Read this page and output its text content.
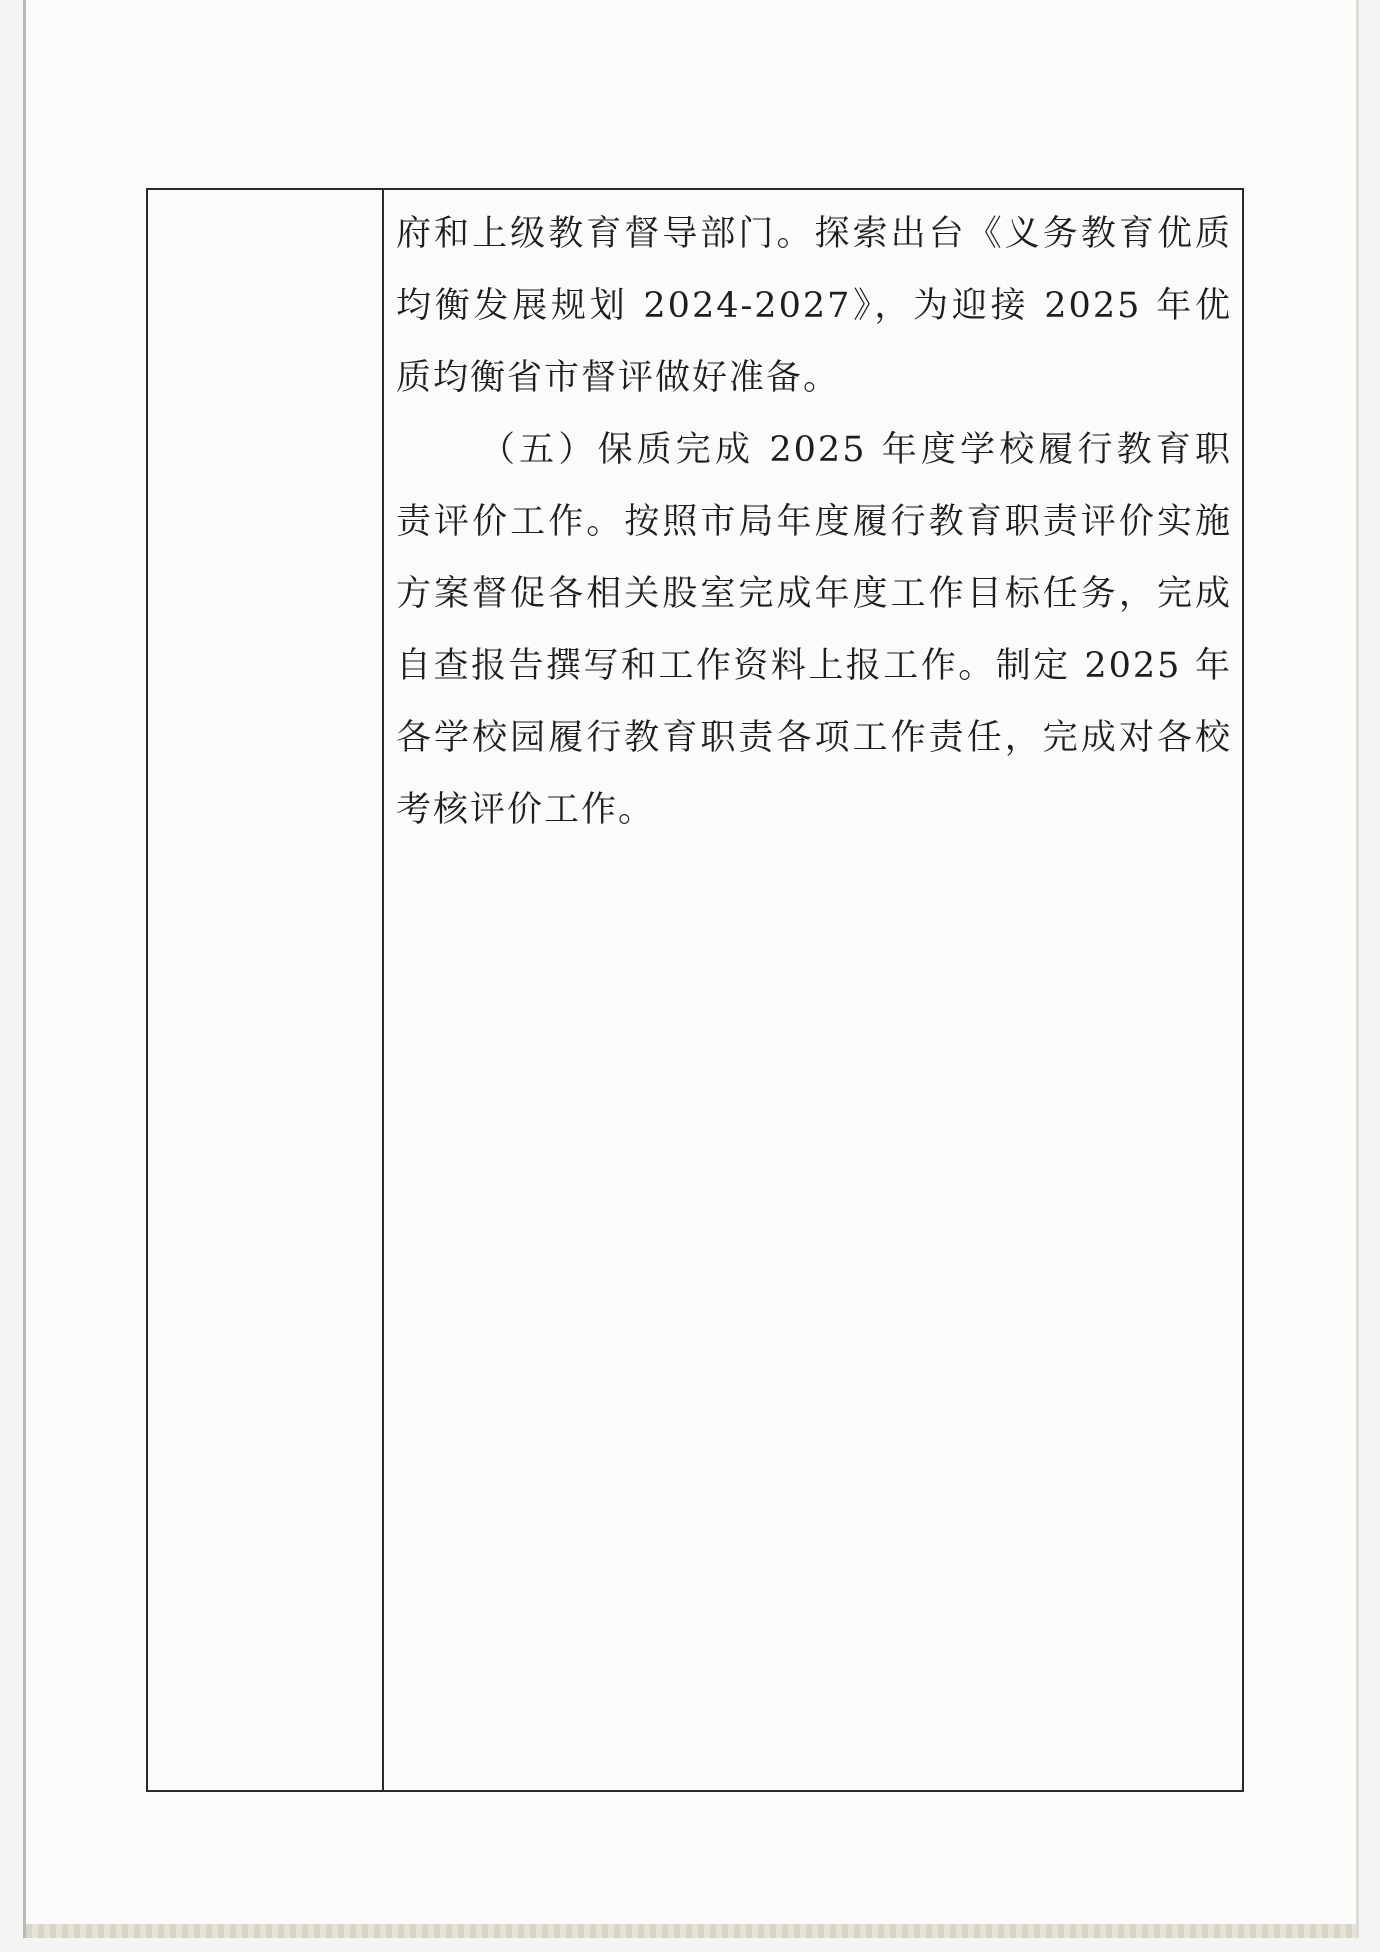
府和上级教育督导部门。探索出台《义务教育优质均衡发展规划 2024-2027》，为迎接 2025 年优质均衡省市督评做好准备。

（五）保质完成 2025 年度学校履行教育职责评价工作。按照市局年度履行教育职责评价实施方案督促各相关股室完成年度工作目标任务，完成自查报告撰写和工作资料上报工作。制定 2025 年各学校园履行教育职责各项工作责任，完成对各校考核评价工作。
